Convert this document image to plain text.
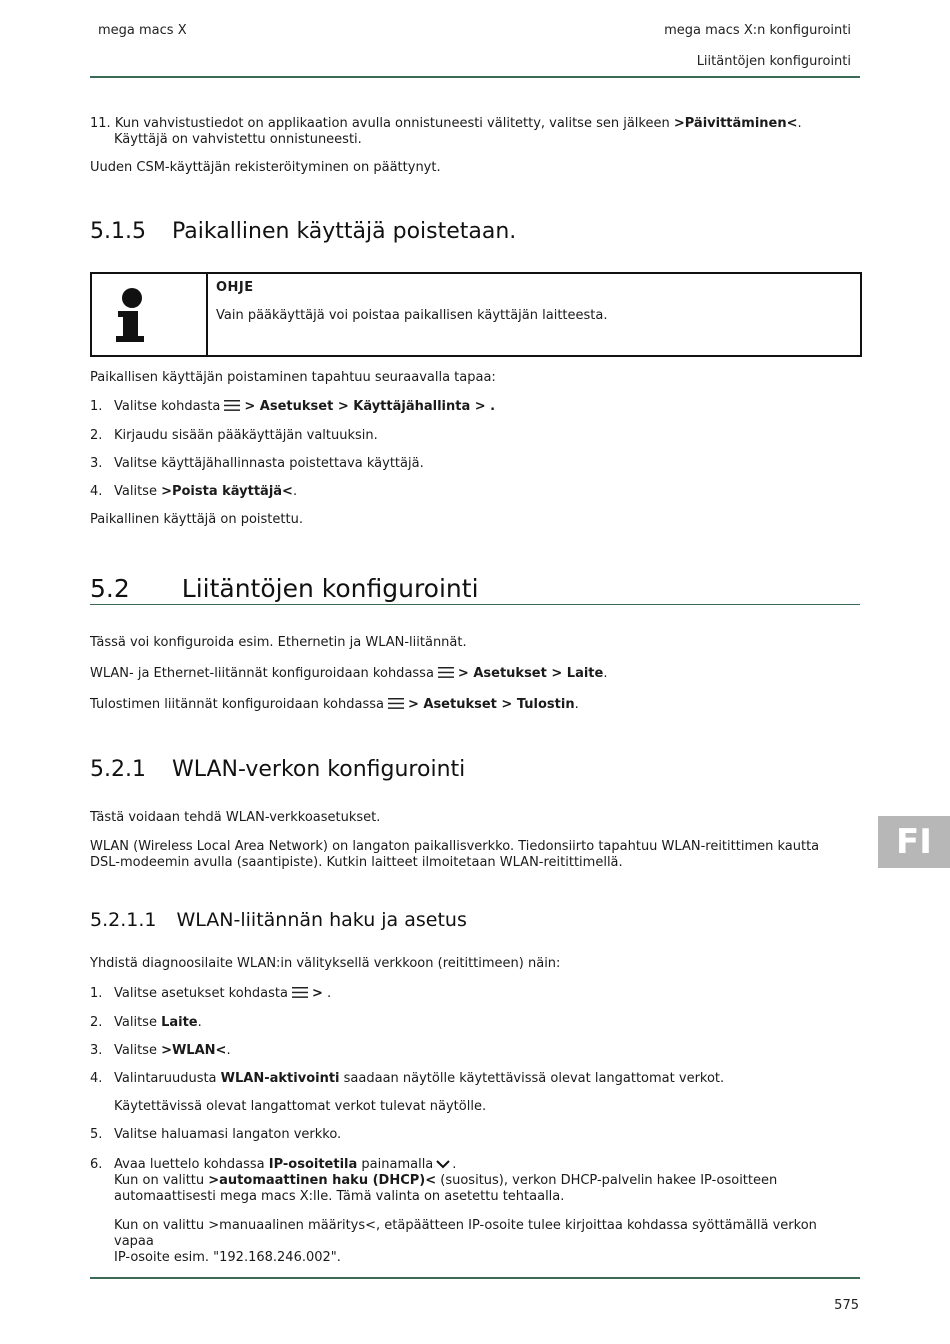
mega macs X	mega macs X:n konfigurointi
Liitäntöjen konfigurointi

11. Kun vahvistustiedot on applikaation avulla onnistuneesti välitetty, valitse sen jälkeen >Päivittäminen<.

Käyttäjä on vahvistettu onnistuneesti.

Uuden CSM-käyttäjän rekisteröityminen on päättynyt.

5.1.5 Paikallinen käyttäjä poistetaan.

OHJE

Vain pääkäyttäjä voi poistaa paikallisen käyttäjän laitteesta.

Paikallisen käyttäjän poistaminen tapahtuu seuraavalla tapaa:

1. Valitse kohdasta > Asetukset > Käyttäjähallinta > .

2. Kirjaudu sisään pääkäyttäjän valtuuksin.

3. Valitse käyttäjähallinnasta poistettava käyttäjä.

4. Valitse >Poista käyttäjä<.

Paikallinen käyttäjä on poistettu.

5.2 Liitäntöjen konfigurointi

Tässä voi konfiguroida esim. Ethernetin ja WLAN-liitännät.

WLAN- ja Ethernet-liitännät konfiguroidaan kohdassa > Asetukset > Laite.

Tulostimen liitännät konfiguroidaan kohdassa > Asetukset > Tulostin.

5.2.1 WLAN-verkon konfigurointi

Tästä voidaan tehdä WLAN-verkkoasetukset.

WLAN (Wireless Local Area Network) on langaton paikallisverkko. Tiedonsiirto tapahtuu WLAN-reitittimen kautta

DSL-modeemin avulla (saantipiste). Kutkin laitteet ilmoitetaan WLAN-reitittimellä.

FI
5.2.1.1 WLAN-liitännän haku ja asetus

Yhdistä diagnoosilaite WLAN:in välityksellä verkkoon (reitittimeen) näin:

1. Valitse asetukset kohdasta > .

2. Valitse Laite.

3. Valitse >WLAN<.

4. Valintaruudusta WLAN-aktivointi saadaan näytölle käytettävissä olevat langattomat verkot.

Käytettävissä olevat langattomat verkot tulevat näytölle.

5. Valitse haluamasi langaton verkko.

6. Avaa luettelo kohdassa IP-osoitetila painamalla .

Kun on valittu >automaattinen haku (DHCP)< (suositus), verkon DHCP-palvelin hakee IP-osoitteen

automaattisesti mega macs X:lle. Tämä valinta on asetettu tehtaalla.

Kun on valittu >manuaalinen määritys<, etäpäätteen IP-osoite tulee kirjoittaa kohdassa syöttämällä verkon vapaa

IP-osoite esim. "192.168.246.002".

575
